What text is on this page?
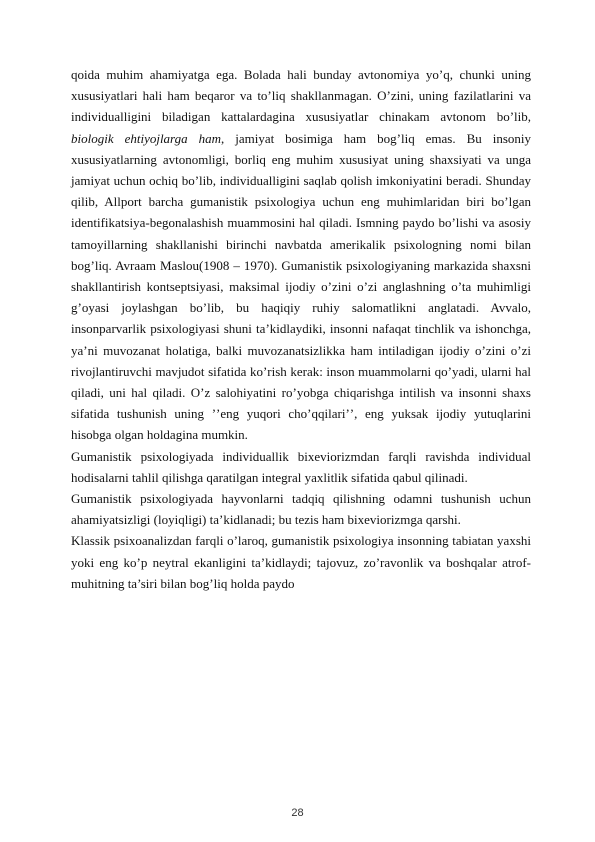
qoida muhim ahamiyatga ega. Bolada hali bunday avtonomiya yo’q, chunki uning xususiyatlari hali ham beqaror va to’liq shakllanmagan. O’zini, uning fazilatlarini va individualligini biladigan kattalardagina xususiyatlar chinakam avtonom bo’lib, biologik ehtiyojlarga ham, jamiyat bosimiga ham bog’liq emas. Bu insoniy xususiyatlarning avtonomligi, borliq eng muhim xususiyat uning shaxsiyati va unga jamiyat uchun ochiq bo’lib, individualligini saqlab qolish imkoniyatini beradi. Shunday qilib, Allport barcha gumanistik psixologiya uchun eng muhimlaridan biri bo’lgan identifikatsiya-begonalashish muammosini hal qiladi. Ismning paydo bo’lishi va asosiy tamoyillarning shakllanishi birinchi navbatda amerikalik psixologning nomi bilan bog’liq. Avraam Maslou(1908 – 1970). Gumanistik psixologiyaning markazida shaxsni shakllantirish kontseptsiyasi, maksimal ijodiy o’zini o’zi anglashning o’ta muhimligi g’oyasi joylashgan bo’lib, bu haqiqiy ruhiy salomatlikni anglatadi. Avvalo, insonparvarlik psixologiyasi shuni ta’kidlaydiki, insonni nafaqat tinchlik va ishonchga, ya’ni muvozanat holatiga, balki muvozanatsizlikka ham intiladigan ijodiy o’zini o’zi rivojlantiruvchi mavjudot sifatida ko’rish kerak: inson muammolarni qo’yadi, ularni hal qiladi, uni hal qiladi. O’z salohiyatini ro’yobga chiqarishga intilish va insonni shaxs sifatida tushunish uning ʼʼeng yuqori choʼqqilariʼʼ, eng yuksak ijodiy yutuqlarini hisobga olgan holdagina mumkin.

Gumanistik psixologiyada individuallik bixeviorizmdan farqli ravishda individual hodisalarni tahlil qilishga qaratilgan integral yaxlitlik sifatida qabul qilinadi.

Gumanistik psixologiyada hayvonlarni tadqiq qilishning odamni tushunish uchun ahamiyatsizligi (loyiqligi) ta’kidlanadi; bu tezis ham bixeviorizmga qarshi.

Klassik psixoanalizdan farqli o’laroq, gumanistik psixologiya insonning tabiatan yaxshi yoki eng ko’p neytral ekanligini ta’kidlaydi; tajovuz, zo’ravonlik va boshqalar atrof-muhitning ta’siri bilan bog’liq holda paydo

28
